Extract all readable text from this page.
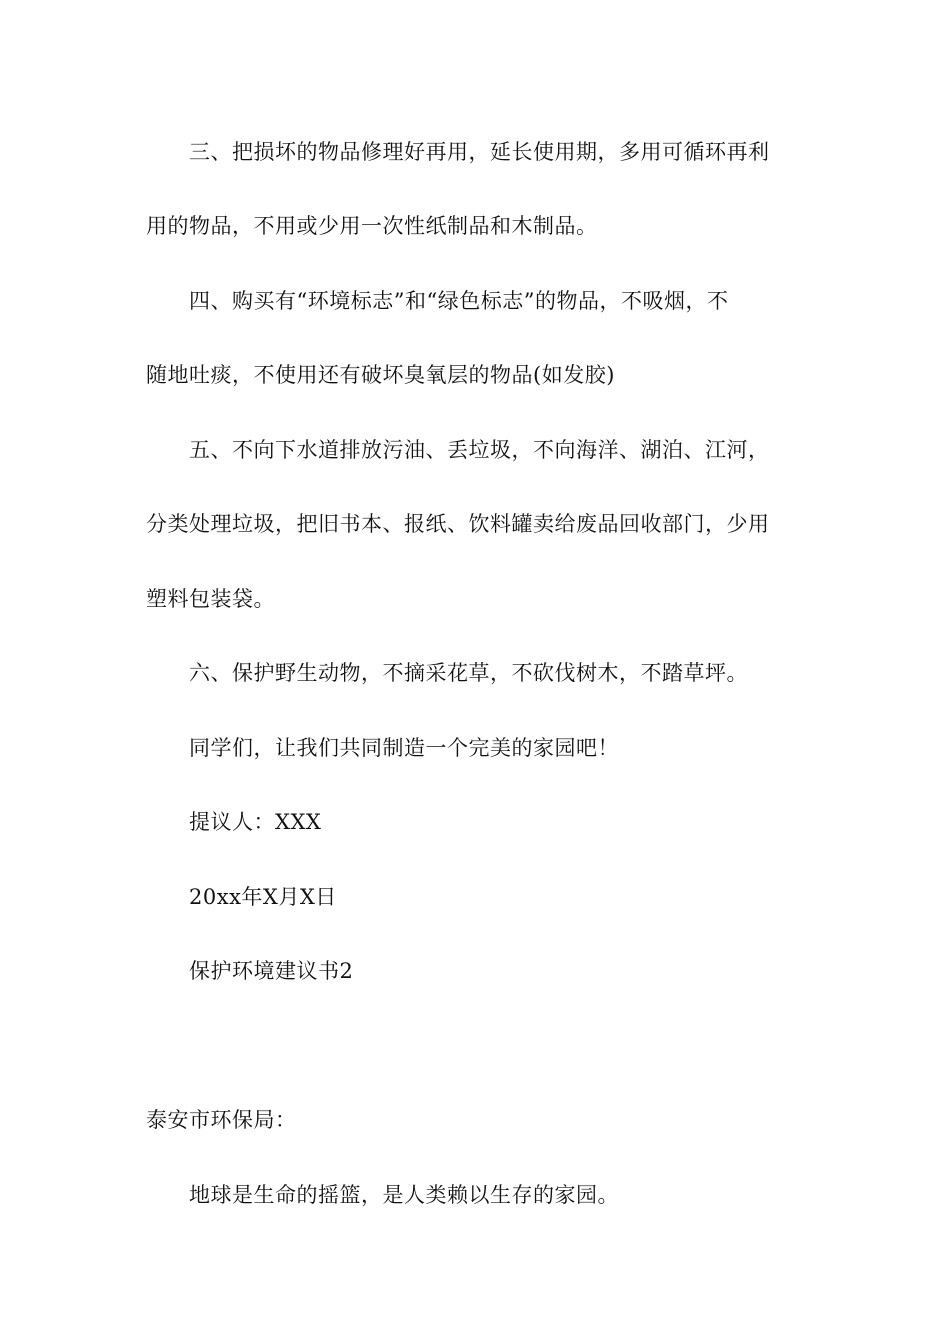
三、把损坏的物品修理好再用，延长使用期，多用可循环再利
用的物品，不用或少用一次性纸制品和木制品。
四、购买有“环境标志”和“绿色标志”的物品，不吸烟，不
随地吐痰，不使用还有破坏臭氧层的物品(如发胶)
五、不向下水道排放污油、丢垃圾，不向海洋、湖泊、江河，
分类处理垃圾，把旧书本、报纸、饮料罐卖给废品回收部门，少用
塑料包装袋。
六、保护野生动物，不摘采花草，不砍伐树木，不踏草坪。
同学们，让我们共同制造一个完美的家园吧！
提议人：XXX
20xx年X月X日
保护环境建议书2
泰安市环保局：
地球是生命的摇篮，是人类赖以生存的家园。
